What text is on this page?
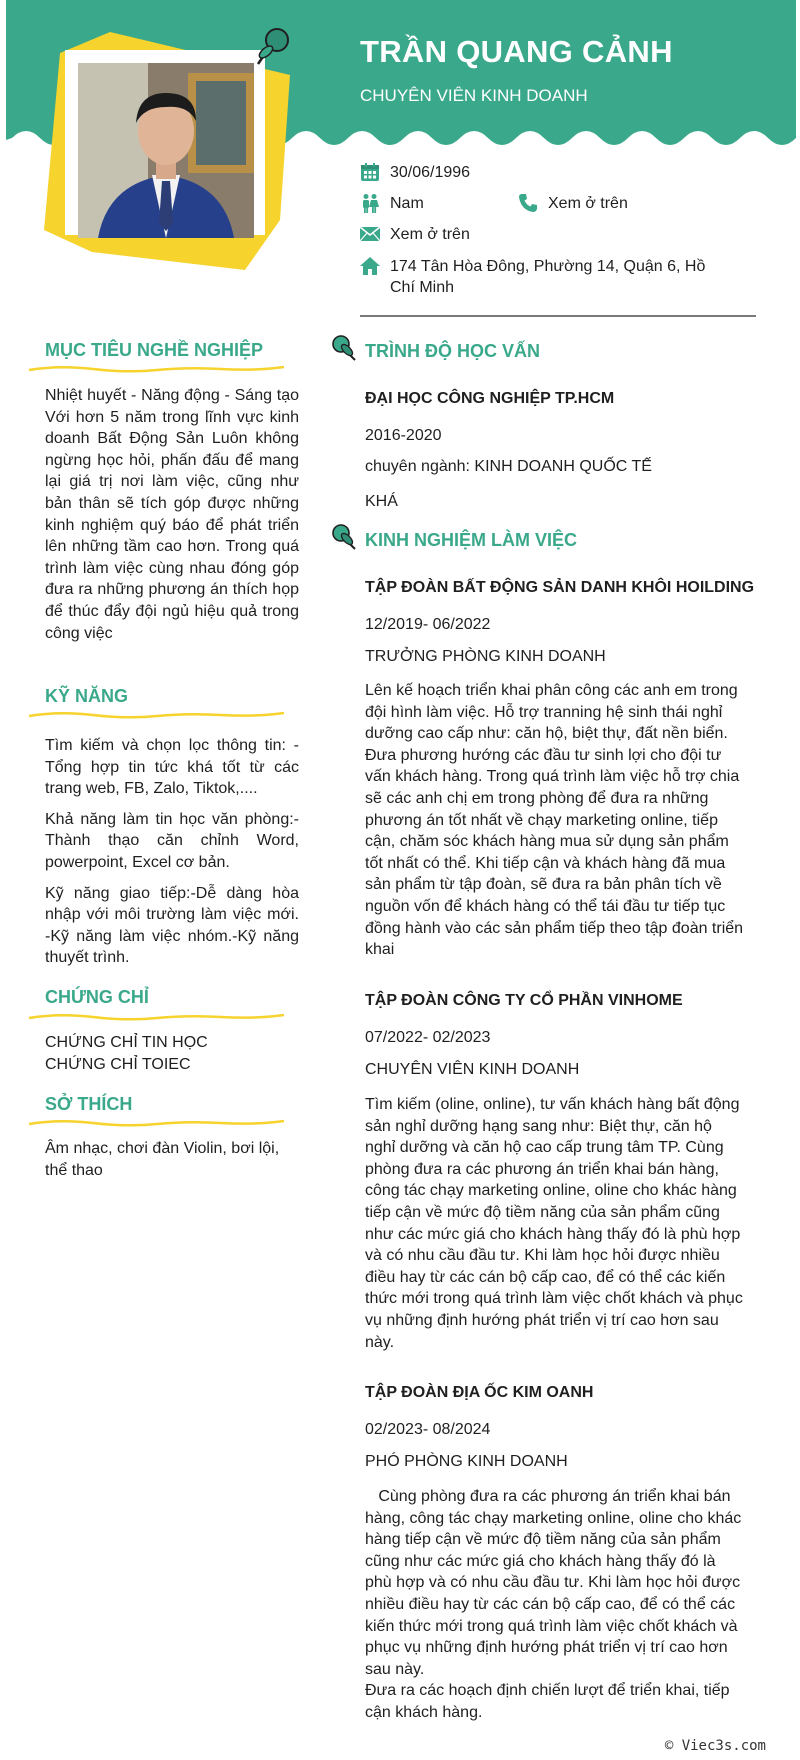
TRẦN QUANG CẢNH
CHUYÊN VIÊN KINH DOANH
30/06/1996
Nam	Xem ở trên
Xem ở trên
174 Tân Hòa Đông, Phường 14, Quận 6, Hồ Chí Minh
MỤC TIÊU NGHỀ NGHIỆP
Nhiệt huyết - Năng động - Sáng tạo Với hơn 5 năm trong lĩnh vực kinh doanh Bất Động Sản Luôn không ngừng học hỏi, phấn đấu để mang lại giá trị nơi làm việc, cũng như bản thân sẽ tích góp được những kinh nghiệm quý báo để phát triển lên những tầm cao hơn. Trong quá trình làm việc cùng nhau đóng góp đưa ra những phương án thích họp để thúc đẩy đội ngủ hiệu quả trong công việc
KỸ NĂNG

Tìm kiếm và chọn lọc thông tin: - Tổng hợp tin tức khá tốt từ các trang web, FB, Zalo, Tiktok,....

Khả năng làm tin học văn phòng:- Thành thạo căn chỉnh Word, powerpoint, Excel cơ bản.

Kỹ năng giao tiếp:-Dễ dàng hòa nhập với môi trường làm việc mới. -Kỹ năng làm việc nhóm.-Kỹ năng thuyết trình.

CHỨNG CHỈ
CHỨNG CHỈ TIN HỌC
CHỨNG CHỈ TOIEC
SỞ THÍCH
Âm nhạc, chơi đàn Violin, bơi lội, thể thao
TRÌNH ĐỘ HỌC VẤN
ĐẠI HỌC CÔNG NGHIỆP TP.HCM
2016-2020
chuyên ngành: KINH DOANH QUỐC TẾ
KHÁ
KINH NGHIỆM LÀM VIỆC
TẬP ĐOÀN BẤT ĐỘNG SẢN DANH KHÔI HOILDING
12/2019- 06/2022
TRƯỞNG PHÒNG KINH DOANH
Lên kế hoạch triển khai phân công các anh em trong đội hình làm việc. Hỗ trợ tranning hệ sinh thái nghỉ dưỡng cao cấp như: căn hộ, biệt thự, đất nền biển. Đưa phương hướng các đầu tư sinh lợi cho đội tư vấn khách hàng. Trong quá trình làm việc hỗ trợ chia sẽ các anh chị em trong phòng để đưa ra những phương án tốt nhất về chạy marketing online, tiếp cận, chăm sóc khách hàng mua sử dụng sản phẩm tốt nhất có thể. Khi tiếp cận và khách hàng đã mua sản phẩm từ tập đoàn, sẽ đưa ra bản phân tích về nguồn vốn để khách hàng có thể tái đầu tư tiếp tục đồng hành vào các sản phẩm tiếp theo tập đoàn triển khai
TẬP ĐOÀN CÔNG TY CỔ PHẦN VINHOME
07/2022- 02/2023
CHUYÊN VIÊN KINH DOANH
Tìm kiếm (oline, online), tư vấn khách hàng bất động sản nghỉ dưỡng hạng sang như: Biệt thự, căn hộ nghỉ dưỡng và căn hộ cao cấp trung tâm TP. Cùng phòng đưa ra các phương án triển khai bán hàng, công tác chạy marketing online, oline cho khác hàng tiếp cận về mức độ tiềm năng của sản phẩm cũng như các mức giá cho khách hàng thấy đó là phù hợp và có nhu cầu đầu tư. Khi làm học hỏi được nhiều điều hay từ các cán bộ cấp cao, để có thể các kiến thức mới trong quá trình làm việc chốt khách và phục vụ những định hướng phát triển vị trí cao hơn sau này.
TẬP ĐOÀN ĐỊA ỐC KIM OANH
02/2023- 08/2024
PHÓ PHÒNG KINH DOANH
Cùng phòng đưa ra các phương án triển khai bán hàng, công tác chạy marketing online, oline cho khác hàng tiếp cận về mức độ tiềm năng của sản phẩm cũng như các mức giá cho khách hàng thấy đó là phù hợp và có nhu cầu đầu tư. Khi làm học hỏi được nhiều điều hay từ các cán bộ cấp cao, để có thể các kiến thức mới trong quá trình làm việc chốt khách và phục vụ những định hướng phát triển vị trí cao hơn sau này.
Đưa ra các hoạch định chiến lượt để triển khai, tiếp cận khách hàng.
© Viec3s.com
